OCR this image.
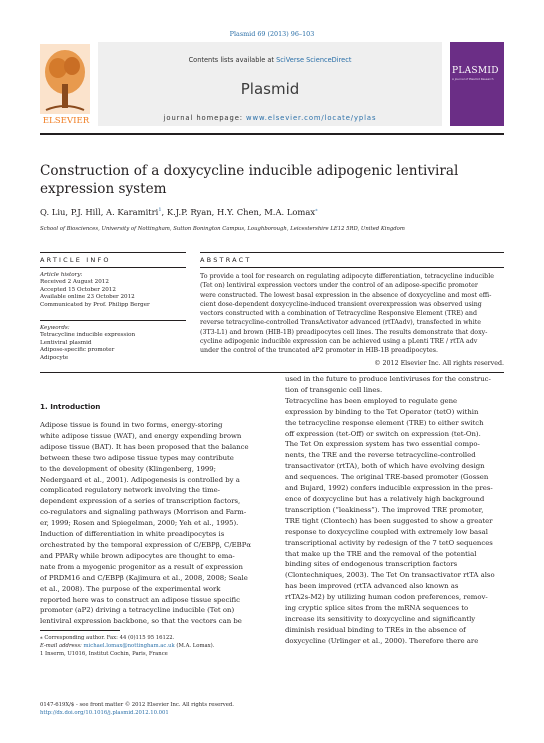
Plasmid 69 (2013) 96–103
Contents lists available at SciVerse ScienceDirect
Plasmid
journal homepage: www.elsevier.com/locate/yplas
ELSEVIER
PLASMID
A Journal of Plasmid Research
Construction of a doxycycline inducible adipogenic lentiviral
expression system
Q. Liu, P.J. Hill, A. Karamitri$^1$, K.J.P. Ryan, H.Y. Chen, M.A. Lomax⁎
School of Biosciences, University of Nottingham, Sutton Bonington Campus, Loughborough, Leicestershire LE12 5RD, United Kingdom
ARTICLE INFO	ABSTRACT
Article history:
Received 2 August 2012
Accepted 15 October 2012
Available online 23 October 2012
Communicated by Prof. Philipp Berger
Keywords:
Tetracycline inducible expression
Lentiviral plasmid
Adipose-specific promoter
Adipocyte
To provide a tool for research on regulating adipocyte differentiation, tetracycline inducible
(Tet on) lentiviral expression vectors under the control of an adipose-specific promoter
were constructed. The lowest basal expression in the absence of doxycycline and most effi-
cient dose-dependent doxycycline-induced transient overexpression was observed using
vectors constructed with a combination of Tetracycline Responsive Element (TRE) and
reverse tetracycline-controlled TransActivator advanced (rtTAadv), transfected in white
(3T3-L1) and brown (HIB-1B) preadipocytes cell lines. The results demonstrate that doxy-
cycline adipogenic inducible expression can be achieved using a pLenti TRE / rtTA adv
under the control of the truncated aP2 promoter in HIB-1B preadipocytes.
© 2012 Elsevier Inc. All rights reserved.
1. Introduction
Adipose tissue is found in two forms, energy-storing
white adipose tissue (WAT), and energy expending brown
adipose tissue (BAT). It has been proposed that the balance
between these two adipose tissue types may contribute
to the development of obesity (Klingenberg, 1999;
Nedergaard et al., 2001). Adipogenesis is controlled by a
complicated regulatory network involving the time-
dependent expression of a series of transcription factors,
co-regulators and signaling pathways (Morrison and Farm-
er, 1999; Rosen and Spiegelman, 2000; Yeh et al., 1995).
Induction of differentiation in white preadipocytes is
orchestrated by the temporal expression of C/EBPβ, C/EBPα
and PPARγ while brown adipocytes are thought to ema-
nate from a myogenic progenitor as a result of expression
of PRDM16 and C/EBPβ (Kajimura et al., 2008, 2008; Seale
et al., 2008). The purpose of the experimental work
reported here was to construct an adipose tissue specific
promoter (aP2) driving a tetracycline inducible (Tet on)
lentiviral expression backbone, so that the vectors can be
used in the future to produce lentiviruses for the construc-
tion of transgenic cell lines.
Tetracycline has been employed to regulate gene
expression by binding to the Tet Operator (tetO) within
the tetracycline response element (TRE) to either switch
off expression (tet-Off) or switch on expression (tet-On).
The Tet On expression system has two essential compo-
nents, the TRE and the reverse tetracycline-controlled
transactivator (rtTA), both of which have evolving design
and sequences. The original TRE-based promoter (Gossen
and Bujard, 1992) confers inducible expression in the pres-
ence of doxycycline but has a relatively high background
transcription (“leakiness”). The improved TRE promoter,
TRE tight (Clontech) has been suggested to show a greater
response to doxycycline coupled with extremely low basal
transcriptional activity by redesign of the 7 tetO sequences
that make up the TRE and the removal of the potential
binding sites of endogenous transcription factors
(Clontechniques, 2003). The Tet On transactivator rtTA also
has been improved (rtTA advanced also known as
rtTA2s-M2) by utilizing human codon preferences, remov-
ing cryptic splice sites from the mRNA sequences to
increase its sensitivity to doxycycline and significantly
diminish residual binding to TREs in the absence of
doxycycline (Urlinger et al., 2000). Therefore there are
⁎ Corresponding author. Fax: 44 (0)115 95 16122.
E-mail address: michael.lomax@nottingham.ac.uk (M.A. Lomax).
1 Inserm, U1016, Institut Cochin, Paris, France
0147-619X/$ - see front matter © 2012 Elsevier Inc. All rights reserved.
http://dx.doi.org/10.1016/j.plasmid.2012.10.001
